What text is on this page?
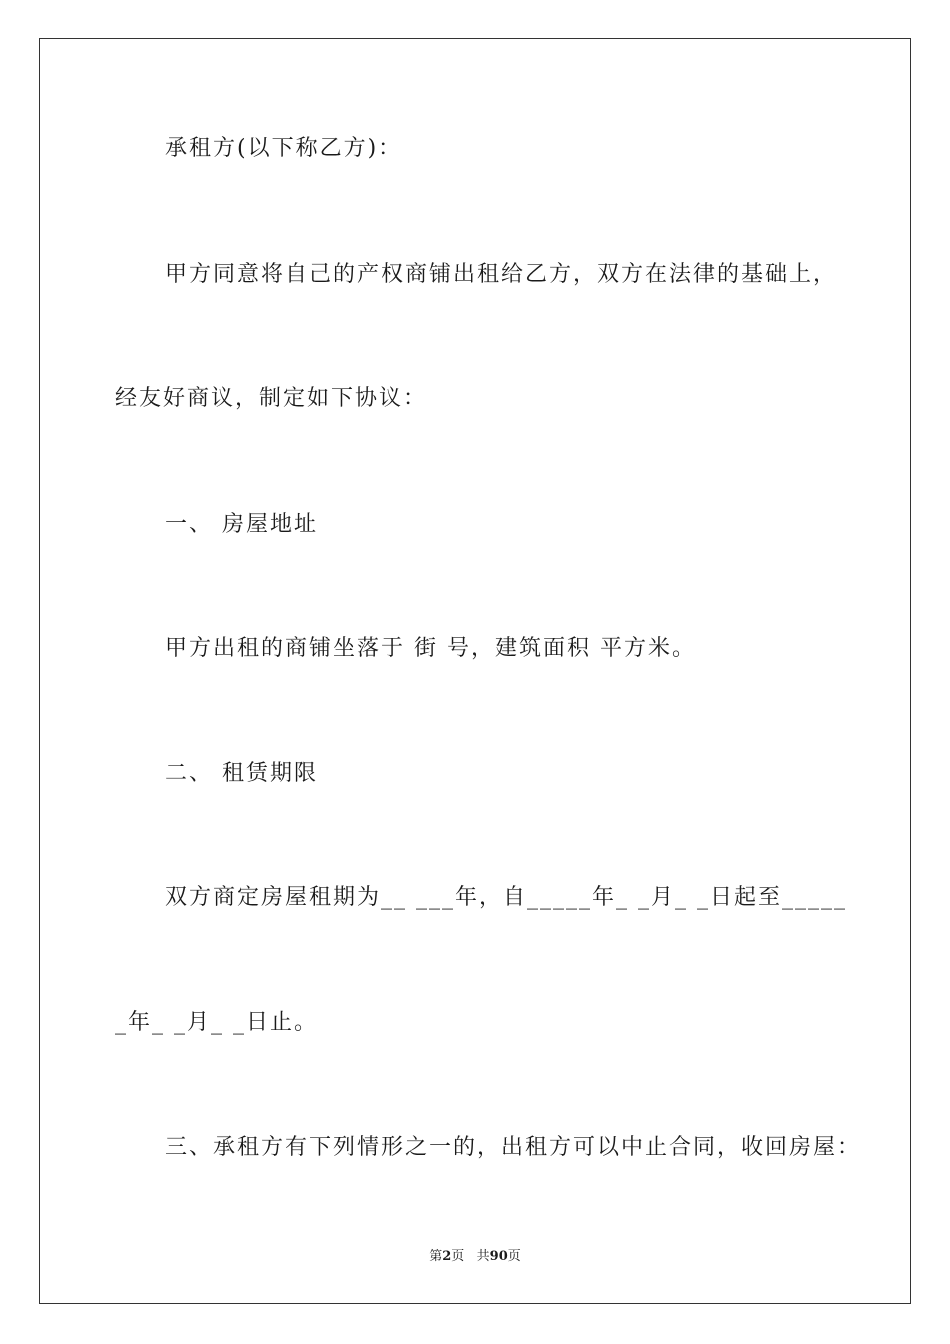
承租方(以下称乙方)：
甲方同意将自己的产权商铺出租给乙方，双方在法律的基础上，
经友好商议，制定如下协议：
一、 房屋地址
甲方出租的商铺坐落于 街 号，建筑面积 平方米。
二、 租赁期限
双方商定房屋租期为__ ___年，自_____年_ _月_ _日起至_____
_年_ _月_ _日止。
三、承租方有下列情形之一的，出租方可以中止合同，收回房屋：
第2页   共90页
